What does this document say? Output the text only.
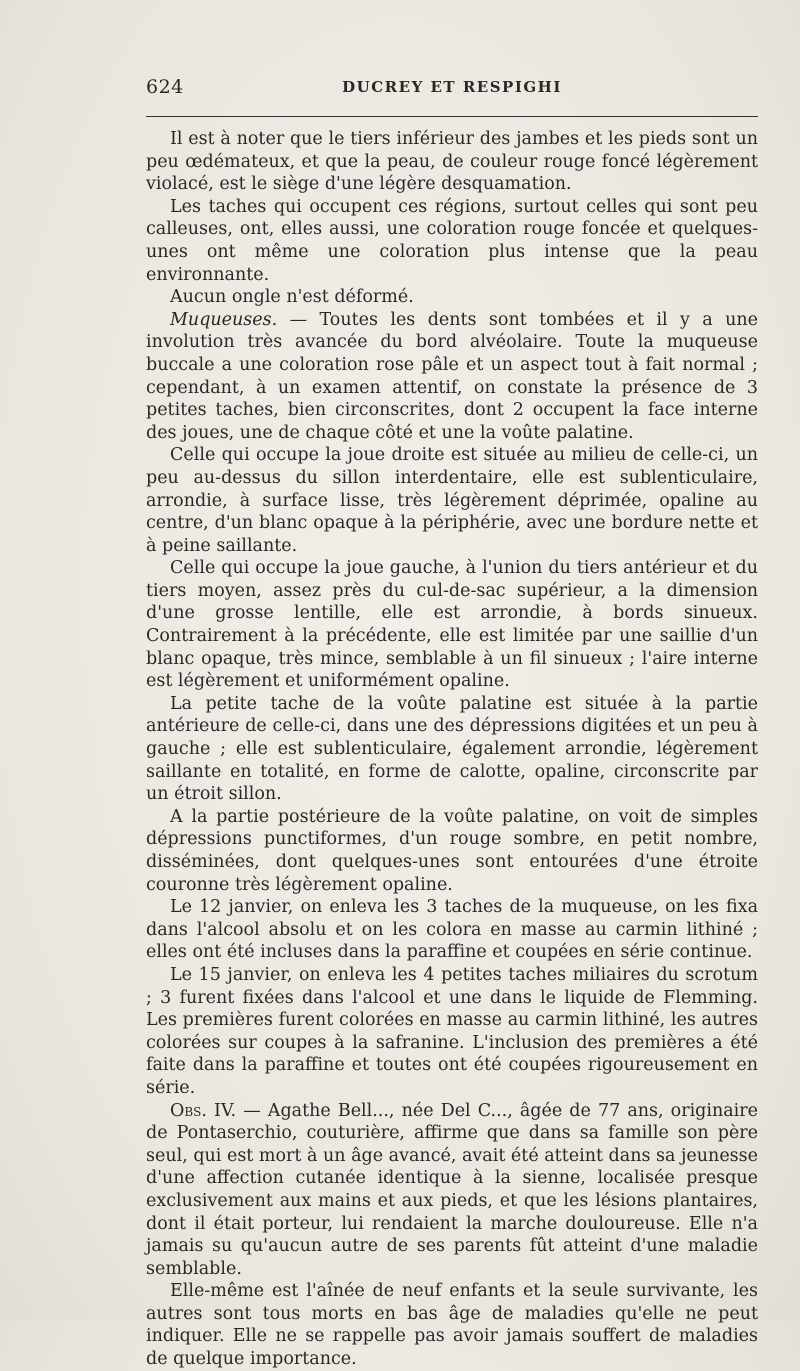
624	DUCREY ET RESPIGHI

Il est à noter que le tiers inférieur des jambes et les pieds sont un peu œdémateux, et que la peau, de couleur rouge foncé légèrement violacé, est le siège d'une légère desquamation.

Les taches qui occupent ces régions, surtout celles qui sont peu calleuses, ont, elles aussi, une coloration rouge foncée et quelques-unes ont même une coloration plus intense que la peau environnante.

Aucun ongle n'est déformé.

Muqueuses. — Toutes les dents sont tombées et il y a une involution très avancée du bord alvéolaire. Toute la muqueuse buccale a une coloration rose pâle et un aspect tout à fait normal ; cependant, à un examen attentif, on constate la présence de 3 petites taches, bien circonscrites, dont 2 occupent la face interne des joues, une de chaque côté et une la voûte palatine.

Celle qui occupe la joue droite est située au milieu de celle-ci, un peu au-dessus du sillon interdentaire, elle est sublenticulaire, arrondie, à surface lisse, très légèrement déprimée, opaline au centre, d'un blanc opaque à la périphérie, avec une bordure nette et à peine saillante.

Celle qui occupe la joue gauche, à l'union du tiers antérieur et du tiers moyen, assez près du cul-de-sac supérieur, a la dimension d'une grosse lentille, elle est arrondie, à bords sinueux. Contrairement à la précédente, elle est limitée par une saillie d'un blanc opaque, très mince, semblable à un fil sinueux ; l'aire interne est légèrement et uniformément opaline.

La petite tache de la voûte palatine est située à la partie antérieure de celle-ci, dans une des dépressions digitées et un peu à gauche ; elle est sublenticulaire, également arrondie, légèrement saillante en totalité, en forme de calotte, opaline, circonscrite par un étroit sillon.

A la partie postérieure de la voûte palatine, on voit de simples dépressions punctiformes, d'un rouge sombre, en petit nombre, disséminées, dont quelques-unes sont entourées d'une étroite couronne très légèrement opaline.

Le 12 janvier, on enleva les 3 taches de la muqueuse, on les fixa dans l'alcool absolu et on les colora en masse au carmin lithiné ; elles ont été incluses dans la paraffine et coupées en série continue.

Le 15 janvier, on enleva les 4 petites taches miliaires du scrotum ; 3 furent fixées dans l'alcool et une dans le liquide de Flemming. Les premières furent colorées en masse au carmin lithiné, les autres colorées sur coupes à la safranine. L'inclusion des premières a été faite dans la paraffine et toutes ont été coupées rigoureusement en série.

Obs. IV. — Agathe Bell..., née Del C..., âgée de 77 ans, originaire de Pontaserchio, couturière, affirme que dans sa famille son père seul, qui est mort à un âge avancé, avait été atteint dans sa jeunesse d'une affection cutanée identique à la sienne, localisée presque exclusivement aux mains et aux pieds, et que les lésions plantaires, dont il était porteur, lui rendaient la marche douloureuse. Elle n'a jamais su qu'aucun autre de ses parents fût atteint d'une maladie semblable.

Elle-même est l'aînée de neuf enfants et la seule survivante, les autres sont tous morts en bas âge de maladies qu'elle ne peut indiquer. Elle ne se rappelle pas avoir jamais souffert de maladies de quelque importance.
